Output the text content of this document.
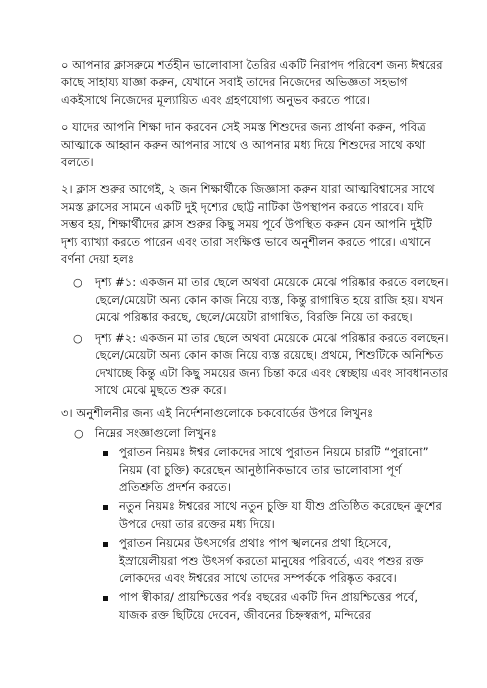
০ আপনার ক্লাসরুমে শর্তহীন ভালোবাসা তৈরির একটি নিরাপদ পরিবেশ জন্য ঈশ্বরের কাছে সাহায্য যাজ্ঞা করুন, যেখানে সবাই তাদের নিজেদের অভিজ্ঞতা সহভাগ একইসাথে নিজেদের মূল্যায়িত এবং গ্রহণযোগ্য অনুভব করতে পারে।

০ যাদের আপনি শিক্ষা দান করবেন সেই সমস্ত শিশুদের জন্য প্রার্থনা করুন, পবিত্র আত্মাকে আহ্বান করুন আপনার সাথে ও আপনার মধ্য দিয়ে শিশুদের সাথে কথা বলতে।

২। ক্লাস শুরুর আগেই, ২ জন শিক্ষার্থীকে জিজ্ঞাসা করুন যারা আত্মবিশ্বাসের সাথে সমস্ত ক্লাসের সামনে একটি দুই দৃশ্যের ছোট্ট নাটিকা উপস্থাপন করতে পারবে। যদি সম্ভব হয়, শিক্ষার্থীদের ক্লাস শুরুর কিছু সময় পূর্বে উপস্থিত করুন যেন আপনি দুইটি দৃশ্য ব্যাখ্যা করতে পারেন এবং তারা সংক্ষিপ্ত ভাবে অনুশীলন করতে পারে। এখানে বর্ণনা দেয়া হলঃ

○ দৃশ্য #১: একজন মা তার ছেলে অথবা মেয়েকে মেঝে পরিষ্কার করতে বলছেন। ছেলে/মেয়েটা অন্য কোন কাজ নিয়ে ব্যস্ত, কিন্তু রাগান্বিত হয়ে রাজি হয়। যখন মেঝে পরিষ্কার করছে, ছেলে/মেয়েটা রাগান্বিত, বিরক্তি নিয়ে তা করছে।
○ দৃশ্য #২: একজন মা তার ছেলে অথবা মেয়েকে মেঝে পরিষ্কার করতে বলছেন। ছেলে/মেয়েটা অন্য কোন কাজ নিয়ে ব্যস্ত রয়েছে। প্রথমে, শিশুটিকে অনিশ্চিত দেখাচ্ছে কিন্তু এটা কিছু সময়ের জন্য চিন্তা করে এবং স্বেচ্ছায় এবং সাবধানতার সাথে মেঝে মুছতে শুরু করে।

৩। অনুশীলনীর জন্য এই নির্দেশনাগুলোকে চকবোর্ডের উপরে লিখুনঃ

○ নিম্নের সংজ্ঞাগুলো লিখুনঃ
পুরাতন নিয়মঃ ঈশ্বর লোকদের সাথে পুরাতন নিয়মে চারটি “পুরানো” নিয়ম (বা চুক্তি) করেছেন আনুষ্ঠানিকভাবে তার ভালোবাসা পূর্ণ প্রতিশ্রুতি প্রদর্শন করতে।
নতুন নিয়মঃ ঈশ্বরের সাথে নতুন চুক্তি যা যীশু প্রতিষ্ঠিত করেছেন ক্রুশের উপরে দেয়া তার রক্তের মধ্য দিয়ে।
পুরাতন নিয়মের উৎসর্গের প্রথাঃ পাপ স্খলনের প্রথা হিসেবে, ইস্রায়েলীয়রা পশু উৎসর্গ করতো মানুষের পরিবর্তে, এবং পশুর রক্ত লোকদের এবং ঈশ্বরের সাথে তাদের সম্পর্ককে পরিষ্কৃত করবে।
পাপ স্বীকার/ প্রায়শ্চিত্তের পর্বঃ বছরের একটি দিন প্রায়শ্চিত্তের পর্বে, যাজক রক্ত ছিটিয়ে দেবেন, জীবনের চিহ্নস্বরূপ, মন্দিরের
